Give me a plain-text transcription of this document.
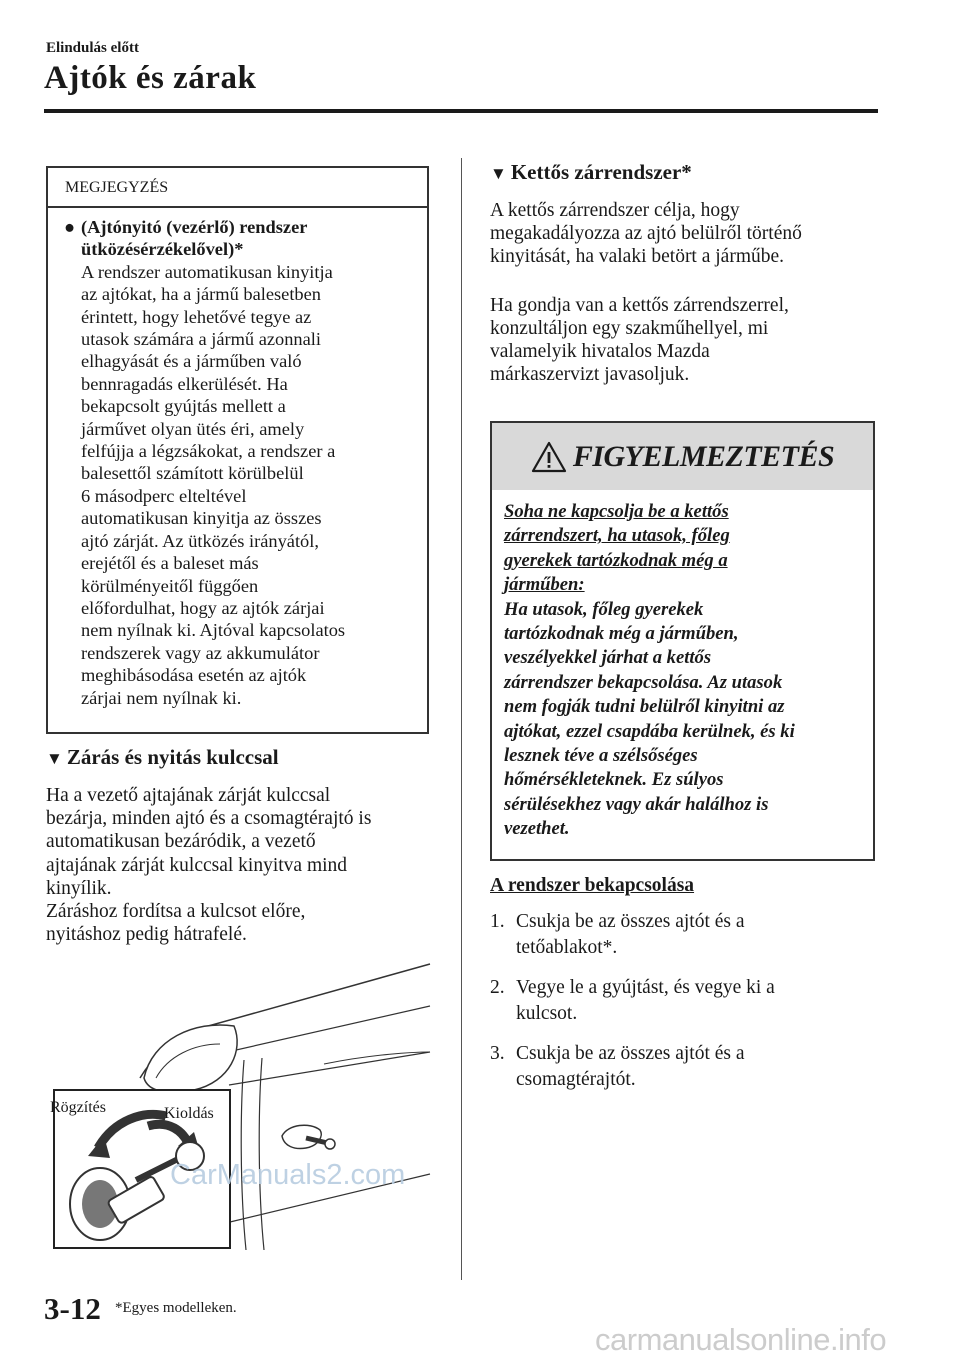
Elindulás előtt
Ajtók és zárak
MEGJEGYZÉS
● (Ajtónyitó (vezérlő) rendszer
ütközésérzékelővel)*
A rendszer automatikusan kinyitja
az ajtókat, ha a jármű balesetben
érintett, hogy lehetővé tegye az
utasok számára a jármű azonnali
elhagyását és a járműben való
bennragadás elkerülését. Ha
bekapcsolt gyújtás mellett a
járművet olyan ütés éri, amely
felfújja a légzsákokat, a rendszer a
balesettől számított körülbelül
6 másodperc elteltével
automatikusan kinyitja az összes
ajtó zárját. Az ütközés irányától,
erejétől és a baleset más
körülményeitől függően
előfordulhat, hogy az ajtók zárjai
nem nyílnak ki. Ajtóval kapcsolatos
rendszerek vagy az akkumulátor
meghibásodása esetén az ajtók
zárjai nem nyílnak ki.
▼ Zárás és nyitás kulccsal
Ha a vezető ajtajának zárját kulccsal
bezárja, minden ajtó és a csomagtérajtó is
automatikusan bezáródik, a vezető
ajtajának zárját kulccsal kinyitva mind
kinyílik.
Záráshoz fordítsa a kulcsot előre,
nyitáshoz pedig hátrafelé.
Rögzítés	Kioldás
CarManuals2.com
▼ Kettős zárrendszer*
A kettős zárrendszer célja, hogy
megakadályozza az ajtó belülről történő
kinyitását, ha valaki betört a járműbe.
Ha gondja van a kettős zárrendszerrel,
konzultáljon egy szakműhellyel, mi
valamelyik hivatalos Mazda
márkaszervizt javasoljuk.
FIGYELMEZTETÉS
Soha ne kapcsolja be a kettős
zárrendszert, ha utasok, főleg
gyerekek tartózkodnak még a
járműben:
Ha utasok, főleg gyerekek
tartózkodnak még a járműben,
veszélyekkel járhat a kettős
zárrendszer bekapcsolása. Az utasok
nem fogják tudni belülről kinyitni az
ajtókat, ezzel csapdába kerülnek, és ki
lesznek téve a szélsőséges
hőmérsékleteknek. Ez súlyos
sérülésekhez vagy akár halálhoz is
vezethet.
A rendszer bekapcsolása
1. Csukja be az összes ajtót és a
tetőablakot*.
2. Vegye le a gyújtást, és vegye ki a
kulcsot.
3. Csukja be az összes ajtót és a
csomagtérajtót.
3-12 *Egyes modelleken.
carmanualsonline.info
